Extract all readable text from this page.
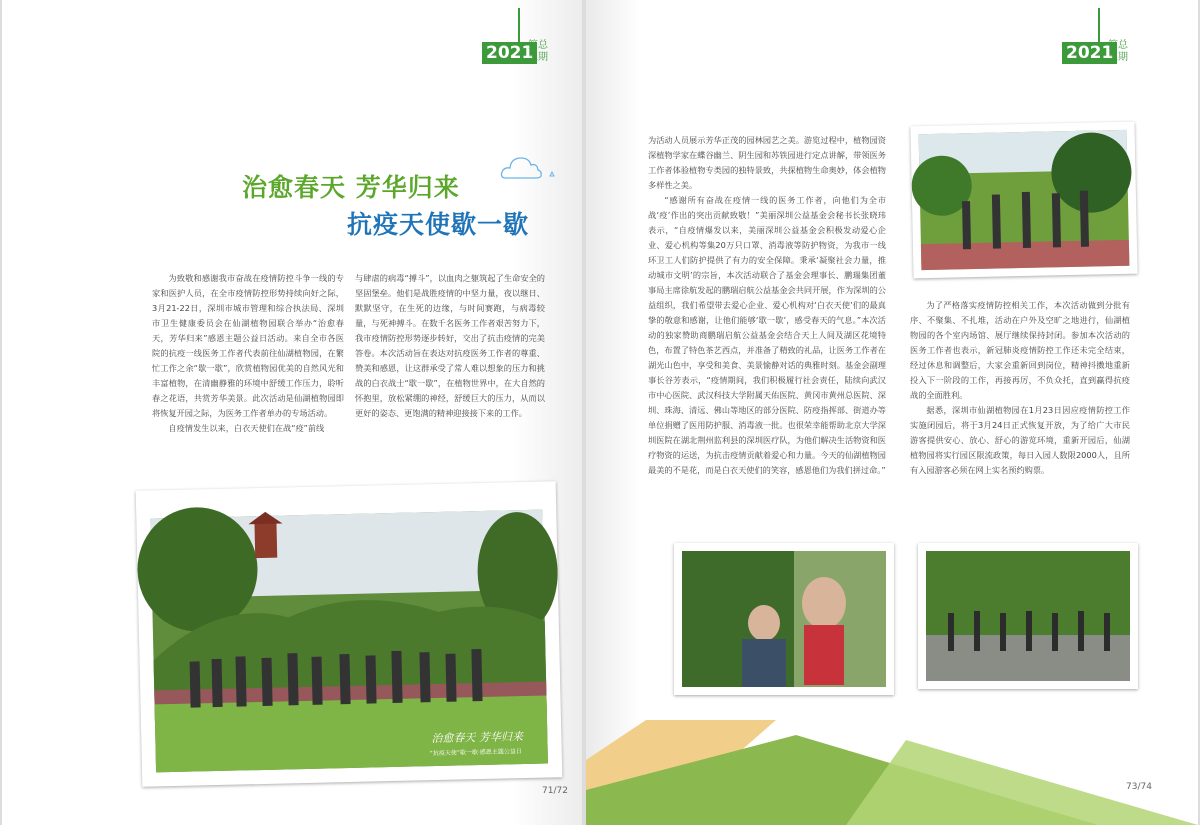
2021
第总
三期
治愈春天 芳华归来
抗疫天使歇一歇

为致敬和感谢我市奋战在疫情防控斗争一线的专家和医护人员，在全市疫情防控形势持续向好之际，3月21-22日，深圳市城市管理和综合执法局、深圳市卫生健康委员会在仙湖植物园联合举办“治愈春天，芳华归来”感恩主题公益日活动。来自全市各医院的抗疫一线医务工作者代表前往仙湖植物园，在繁忙工作之余“歇一歇”，欣赏植物园优美的自然风光和丰富植物，在清幽静雅的环境中舒缓工作压力，聆听春之花语，共赏芳华美景。此次活动是仙湖植物园即将恢复开园之际，为医务工作者单办的专场活动。

自疫情发生以来，白衣天使们在战“疫”前线

与肆虐的病毒“搏斗”，以血肉之躯筑起了生命安全的坚固堡垒。他们是战胜疫情的中坚力量，夜以继日、默默坚守，在生死的边缘，与时间赛跑，与病毒较量，与死神搏斗。在数千名医务工作者艰苦努力下，我市疫情防控形势逐步转好，交出了抗击疫情的完美答卷。本次活动旨在表达对抗疫医务工作者的尊重、赞美和感恩，让这群承受了常人难以想象的压力和挑战的白衣战士“歇一歇”，在植物世界中，在大自然的怀抱里，放松紧绷的神经，舒缓巨大的压力，从而以更好的姿态、更饱满的精神迎接接下来的工作。

治愈春天 芳华归来
“抗疫天使”歇一歇·感恩主题公益日
71/72
2021
第总
三期

为活动人员展示芳华正茂的园林园艺之美。游览过程中，植物园资深植物学家在蝶谷幽兰、阴生园和苏铁园进行定点讲解，带领医务工作者体验植物专类园的独特景致，共探植物生命奥妙，体会植物多样性之美。

“感谢所有奋战在疫情一线的医务工作者，向他们为全市战‘疫’作出的突出贡献致敬！”美丽深圳公益基金会秘书长张晓玮表示，“自疫情爆发以来，美丽深圳公益基金会积极发动爱心企业、爱心机构等集20万只口罩、消毒液等防护物资，为我市一线环卫工人们防护提供了有力的安全保障。秉承‘凝聚社会力量，推动城市文明’的宗旨，本次活动联合了基金会理事长、鹏瑞集团董事局主席徐航发起的鹏瑞启航公益基金会共同开展，作为深圳的公益组织，我们希望带去爱心企业、爱心机构对‘白衣天使’们的最真挚的敬意和感谢，让他们能够‘歇一歇’，感受春天的气息。”本次活动的独家赞助商鹏瑞启航公益基金会结合天上人间及湖区花境特色，布置了特色茶艺西点，并准备了精致的礼品，让医务工作者在湖光山色中，享受和美食、美景愉静对话的典雅时刻。基金会副理事长谷芳表示，“疫情期间，我们积极履行社会责任，陆续向武汉市中心医院、武汉科技大学附属天佑医院、黄冈市黄州总医院、深圳、珠海、清远、佛山等地区的部分医院、防疫指挥部、街道办等单位捐赠了医用防护服、消毒液一批。也很荣幸能帮助北京大学深圳医院在湖北荆州监利县的深圳医疗队，为他们解决生活物资和医疗物资的运送，为抗击疫情贡献着爱心和力量。今天的仙湖植物园最美的不是花，而是白衣天使们的笑容，感恩他们为我们拼过命。”

为了严格落实疫情防控相关工作，本次活动做到分批有序、不聚集、不扎堆，活动在户外及空旷之地进行，仙湖植物园的各个室内场馆、展厅继续保持封闭。参加本次活动的医务工作者也表示，新冠肺炎疫情防控工作还未完全结束，经过休息和调整后，大家会重新回到岗位，精神抖擞地重新投入下一阶段的工作，再接再厉，不负众托，直到赢得抗疫战的全面胜利。

据悉，深圳市仙湖植物园在1月23日因应疫情防控工作实施闭园后，将于3月24日正式恢复开放，为了给广大市民游客提供安心、放心、舒心的游览环境，重新开园后，仙湖植物园将实行园区限流政策，每日入园人数限2000人，且所有入园游客必须在网上实名预约购票。

73/74
